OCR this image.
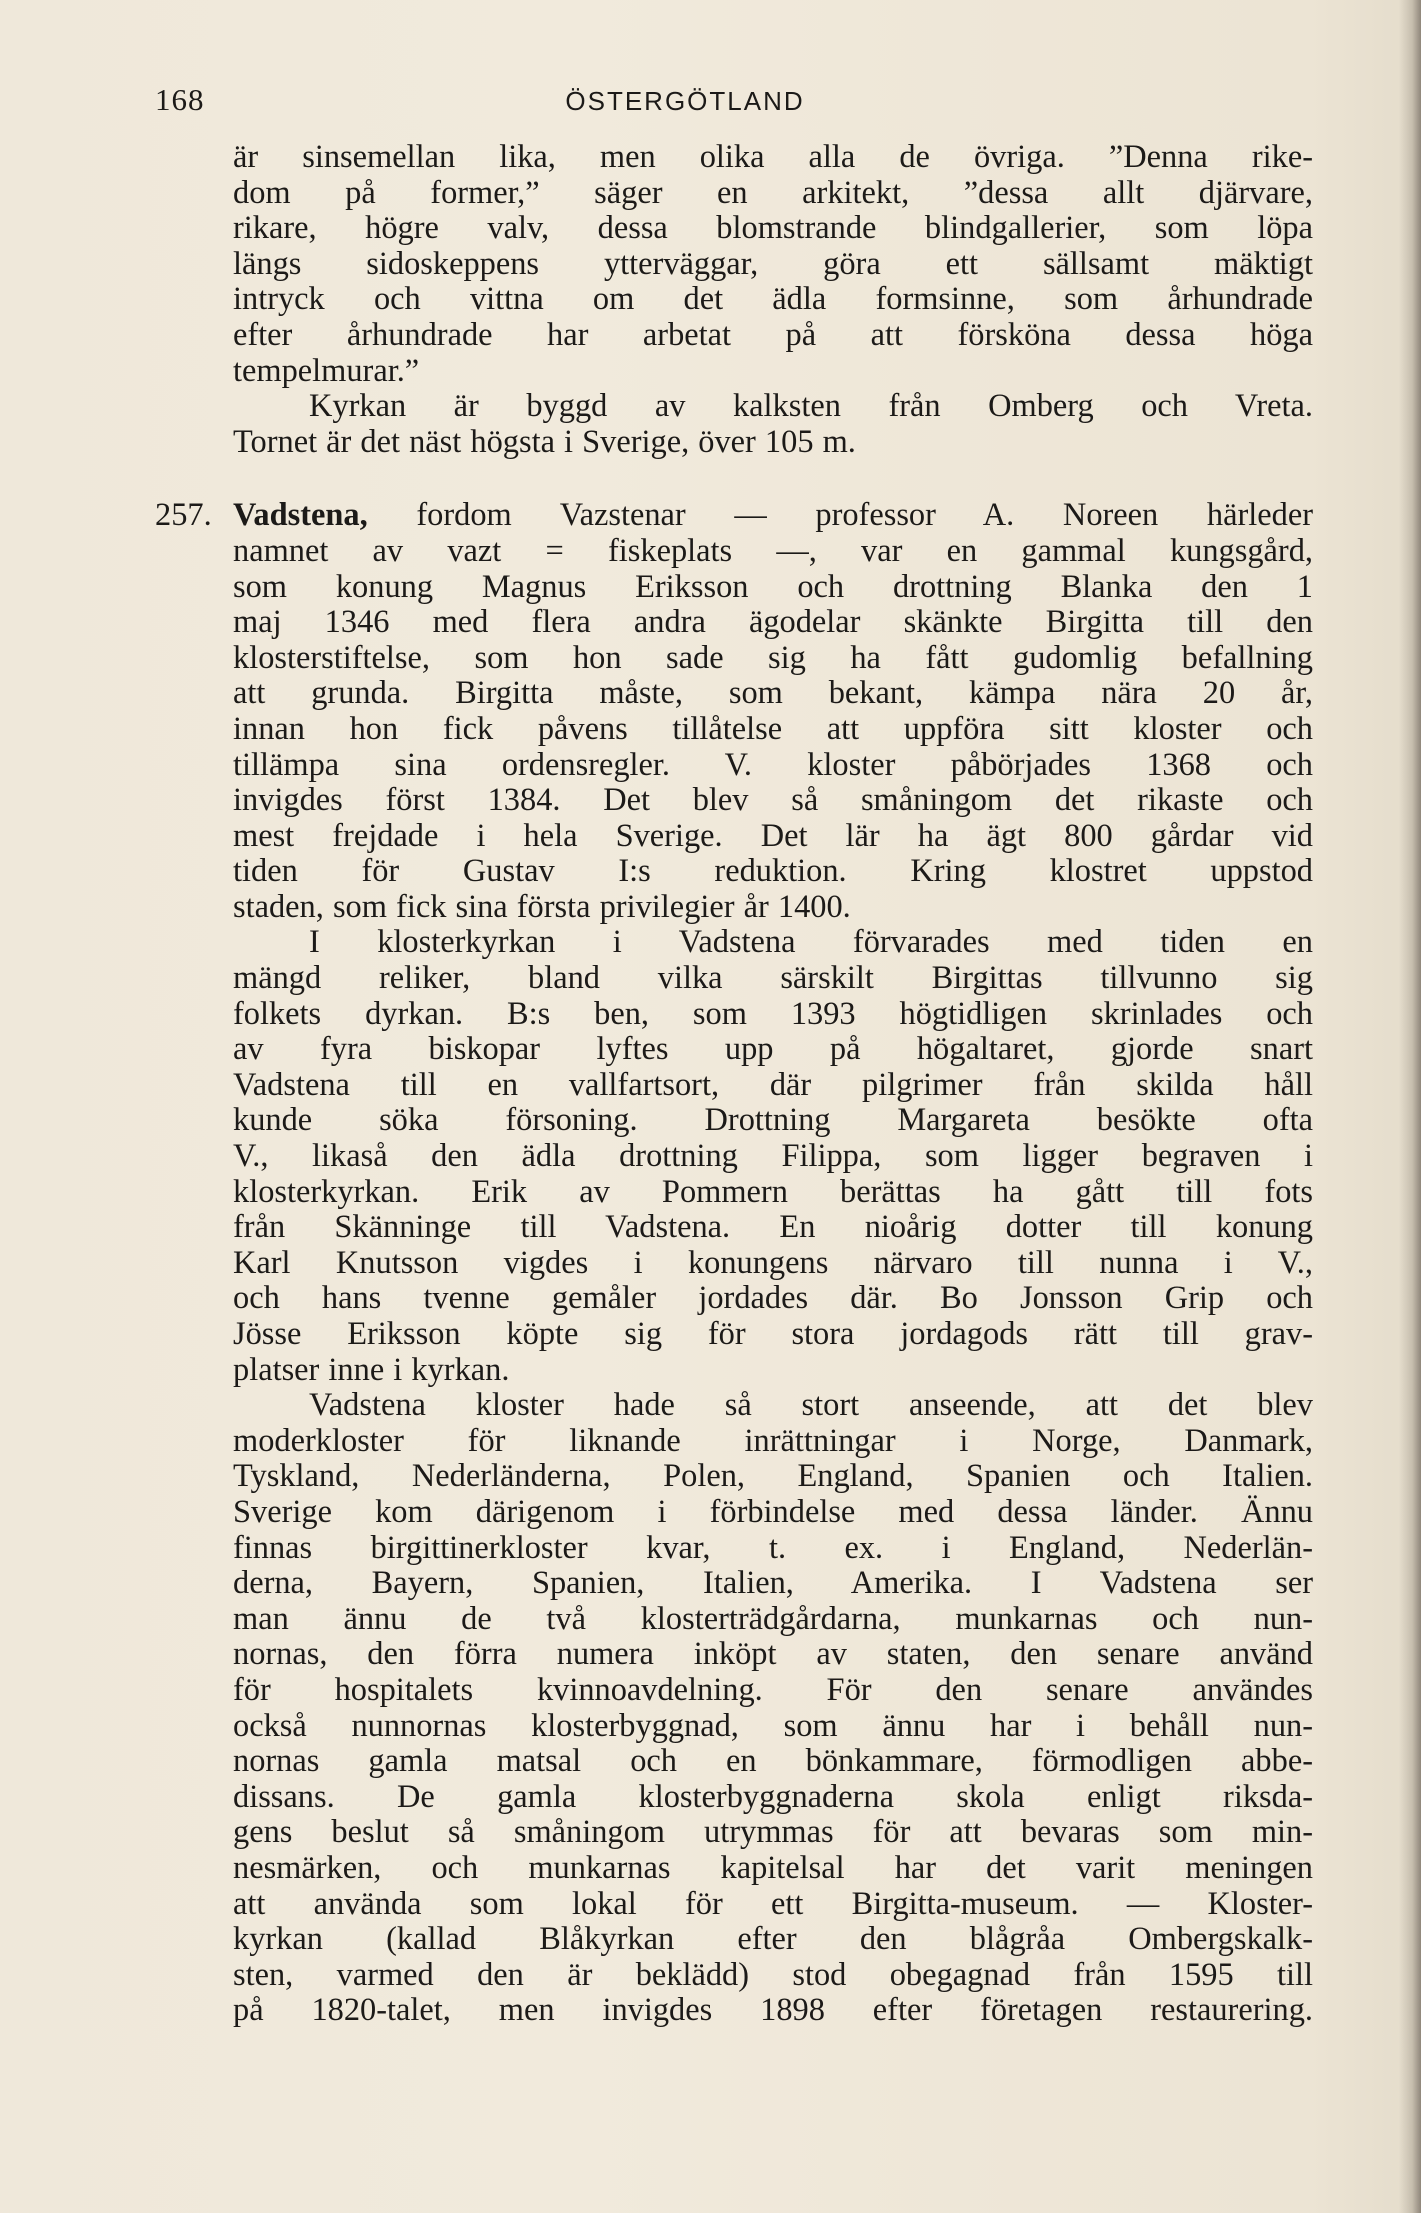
168	ÖSTERGÖTLAND
är sinsemellan lika, men olika alla de övriga. ”Denna rike-
dom på former,” säger en arkitekt, ”dessa allt djärvare,
rikare, högre valv, dessa blomstrande blindgallerier, som löpa
längs sidoskeppens ytterväggar, göra ett sällsamt mäktigt
intryck och vittna om det ädla formsinne, som århundrade
efter århundrade har arbetat på att försköna dessa höga
tempelmurar.”
Kyrkan är byggd av kalksten från Omberg och Vreta.
Tornet är det näst högsta i Sverige, över 105 m.
257. Vadstena, fordom Vazstenar — professor A. Noreen härleder
namnet av vazt = fiskeplats —, var en gammal kungsgård,
som konung Magnus Eriksson och drottning Blanka den 1
maj 1346 med flera andra ägodelar skänkte Birgitta till den
klosterstiftelse, som hon sade sig ha fått gudomlig befallning
att grunda. Birgitta måste, som bekant, kämpa nära 20 år,
innan hon fick påvens tillåtelse att uppföra sitt kloster och
tillämpa sina ordensregler. V. kloster påbörjades 1368 och
invigdes först 1384. Det blev så småningom det rikaste och
mest frejdade i hela Sverige. Det lär ha ägt 800 gårdar vid
tiden för Gustav I:s reduktion. Kring klostret uppstod
staden, som fick sina första privilegier år 1400.
I klosterkyrkan i Vadstena förvarades med tiden en
mängd reliker, bland vilka särskilt Birgittas tillvunno sig
folkets dyrkan. B:s ben, som 1393 högtidligen skrinlades och
av fyra biskopar lyftes upp på högaltaret, gjorde snart
Vadstena till en vallfartsort, där pilgrimer från skilda håll
kunde söka försoning. Drottning Margareta besökte ofta
V., likaså den ädla drottning Filippa, som ligger begraven i
klosterkyrkan. Erik av Pommern berättas ha gått till fots
från Skänninge till Vadstena. En nioårig dotter till konung
Karl Knutsson vigdes i konungens närvaro till nunna i V.,
och hans tvenne gemåler jordades där. Bo Jonsson Grip och
Jösse Eriksson köpte sig för stora jordagods rätt till grav-
platser inne i kyrkan.
Vadstena kloster hade så stort anseende, att det blev
moderkloster för liknande inrättningar i Norge, Danmark,
Tyskland, Nederländerna, Polen, England, Spanien och Italien.
Sverige kom därigenom i förbindelse med dessa länder. Ännu
finnas birgittinerkloster kvar, t. ex. i England, Nederlän-
derna, Bayern, Spanien, Italien, Amerika. I Vadstena ser
man ännu de två klosterträdgårdarna, munkarnas och nun-
nornas, den förra numera inköpt av staten, den senare använd
för hospitalets kvinnoavdelning. För den senare användes
också nunnornas klosterbyggnad, som ännu har i behåll nun-
nornas gamla matsal och en bönkammare, förmodligen abbe-
dissans. De gamla klosterbyggnaderna skola enligt riksda-
gens beslut så småningom utrymmas för att bevaras som min-
nesmärken, och munkarnas kapitelsal har det varit meningen
att använda som lokal för ett Birgitta-museum. — Kloster-
kyrkan (kallad Blåkyrkan efter den blågråa Ombergskalk-
sten, varmed den är beklädd) stod obegagnad från 1595 till
på 1820-talet, men invigdes 1898 efter företagen restaurering.
